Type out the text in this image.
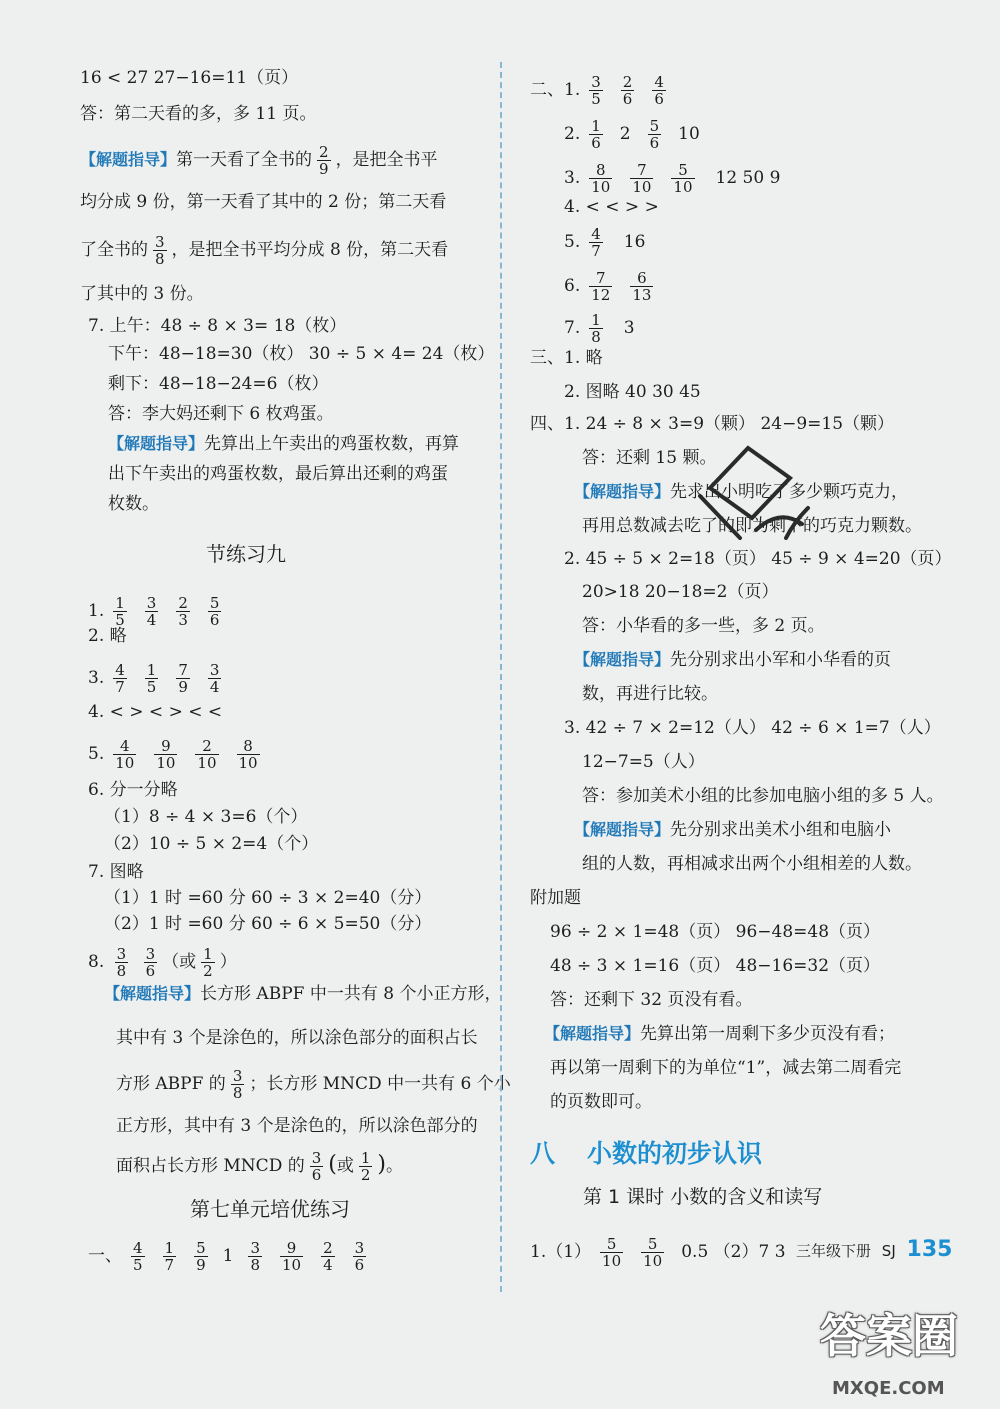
16 < 27 27−16=11（页）
答：第二天看的多，多 11 页。
【解题指导】第一天看了全书的 $\frac{2}{9}$ ，是把全书平
均分成 9 份，第一天看了其中的 2 份；第二天看
了全书的 $\frac{3}{8}$ ，是把全书平均分成 8 份，第二天看
了其中的 3 份。
7. 上午：48 ÷ 8 × 3= 18（枚）
下午：48−18=30（枚） 30 ÷ 5 × 4= 24（枚）
剩下：48−18−24=6（枚）
答：李大妈还剩下 6 枚鸡蛋。
【解题指导】先算出上午卖出的鸡蛋枚数，再算
出下午卖出的鸡蛋枚数，最后算出还剩的鸡蛋
枚数。
节练习九
1. $\frac{1}{5} \frac{3}{4} \frac{2}{3} \frac{5}{6}$
2. 略
3. $\frac{4}{7} \frac{1}{5} \frac{7}{9} \frac{3}{4}$
4. < > < > < <
5. $\frac{4}{10} \frac{9}{10} \frac{2}{10} \frac{8}{10}$
6. 分一分略
（1）8 ÷ 4 × 3=6（个）
（2）10 ÷ 5 × 2=4（个）
7. 图略
（1）1 时 =60 分 60 ÷ 3 × 2=40（分）
（2）1 时 =60 分 60 ÷ 6 × 5=50（分）
8. $\frac{3}{8}$
$\frac{3}{6}$ （或 $\frac{1}{2}$ ）
【解题指导】长方形 ABPF 中一共有 8 个小正方形，
其中有 3 个是涂色的，所以涂色部分的面积占长
方形 ABPF 的 $\frac{3}{8}$ ；长方形 MNCD 中一共有 6 个小
正方形，其中有 3 个是涂色的，所以涂色部分的
面积占长方形 MNCD 的 $\frac{3}{6}$ (或 $\frac{1}{2}$ )。
第七单元培优练习
一、 $\frac{4}{5} \frac{1}{7} \frac{5}{9} 1 \frac{3}{8} \frac{9}{10} \frac{2}{4} \frac{3}{6}$
二、1. $\frac{3}{5} \frac{2}{6} \frac{4}{6}$
2. $\frac{1}{6} 2 \frac{5}{6} 10$
3. $\frac{8}{10} \frac{7}{10} \frac{5}{10} 12$ 50 9
4. < < > >
5. $\frac{4}{7} 16$
6. $\frac{7}{12} \frac{6}{13}$
7. $\frac{1}{8} 3$
三、1. 略
2. 图略 40 30 45
四、1. 24 ÷ 8 × 3=9（颗） 24−9=15（颗）
答：还剩 15 颗。
【解题指导】先求出小明吃了多少颗巧克力，
再用总数减去吃了的即为剩下的巧克力颗数。
2. 45 ÷ 5 × 2=18（页） 45 ÷ 9 × 4=20（页）
20>18 20−18=2（页）
答：小华看的多一些，多 2 页。
【解题指导】先分别求出小军和小华看的页
数，再进行比较。
3. 42 ÷ 7 × 2=12（人） 42 ÷ 6 × 1=7（人）
12−7=5（人）
答：参加美术小组的比参加电脑小组的多 5 人。
【解题指导】先分别求出美术小组和电脑小
组的人数，再相减求出两个小组相差的人数。
附加题
96 ÷ 2 × 1=48（页） 96−48=48（页）
48 ÷ 3 × 1=16（页） 48−16=32（页）
答：还剩下 32 页没有看。
【解题指导】先算出第一周剩下多少页没有看；
再以第一周剩下的为单位“1”，减去第二周看完
的页数即可。
$1.(1) \frac{5}{10} \frac{5}{10} 0.5$ （2）7 3
八 小数的初步认识
第 1 课时 小数的含义和读写
三年级下册 SJ 135
答案圈
MXQE.COM
